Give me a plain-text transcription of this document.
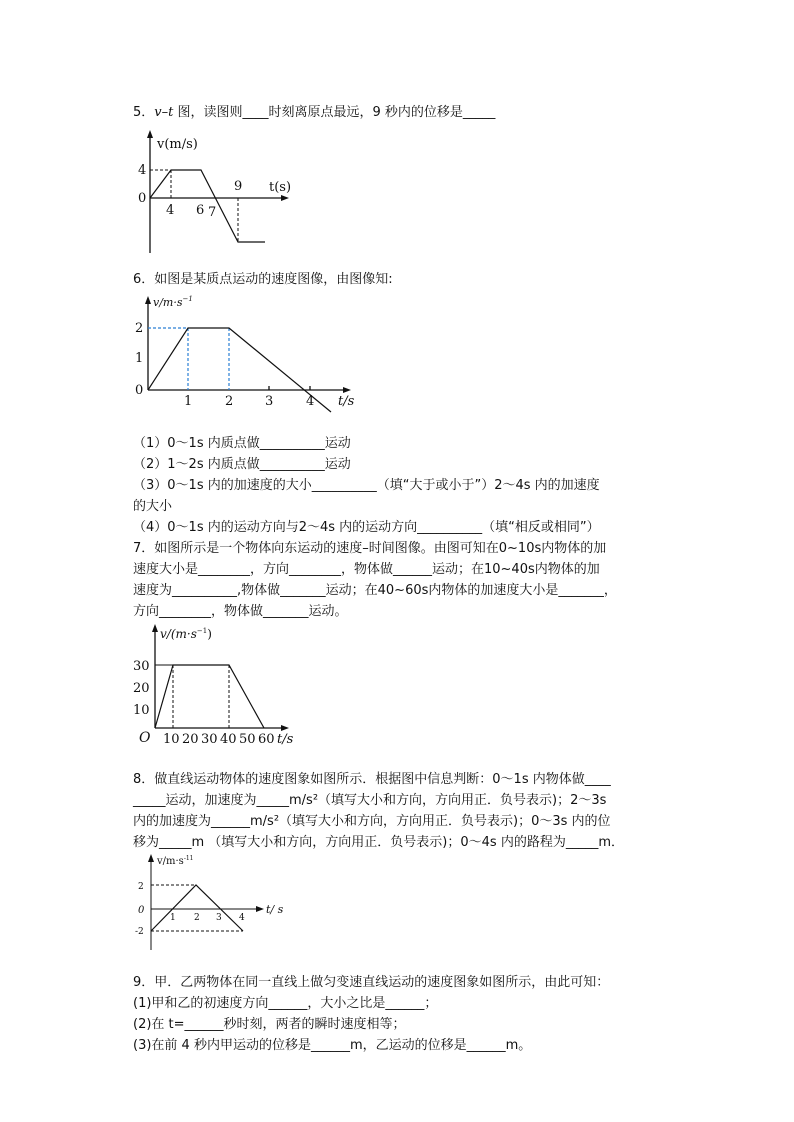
5．v–t 图，读图则____时刻离原点最远，9 秒内的位移是_____
v(m/s)
t(s)
4
0
4 6 7
9
6．如图是某质点运动的速度图像，由图像知:
$v/m\cdot s^{-1}$
0
1
2
1	2 3	4 t/s
（1）0～1s 内质点做__________运动
（2）1～2s 内质点做__________运动
（3）0～1s 内的加速度的大小__________（填“大于或小于”）2～4s 内的加速度
的大小
（4）0～1s 内的运动方向与2～4s 内的运动方向__________（填“相反或相同”）
7．如图所示是一个物体向东运动的速度–时间图像。由图可知在0~10s内物体的加
速度大小是________，方向________，物体做______运动；在10~40s内物体的加
速度为__________,物体做_______运动；在40~60s内物体的加速度大小是_______，
方向________，物体做_______运动。
$v/(m\cdot s^{-1})$
30
20
10
O 10 20 30 40 50 60 t/s
8．做直线运动物体的速度图象如图所示．根据图中信息判断：0～1s 内物体做____
_____运动，加速度为_____m/s²（填写大小和方向，方向用正．负号表示)；2～3s
内的加速度为______m/s²（填写大小和方向，方向用正．负号表示)；0～3s 内的位
移为_____m （填写大小和方向，方向用正．负号表示)；0～4s 内的路程为_____m．
$v/m\cdot s^{-1}1$
2
0
-2
1 2 3 4
t/ s
9．甲．乙两物体在同一直线上做匀变速直线运动的速度图象如图所示，由此可知：
(1)甲和乙的初速度方向______，大小之比是______；
(2)在 t=______秒时刻，两者的瞬时速度相等；
(3)在前 4 秒内甲运动的位移是______m，乙运动的位移是______m。
